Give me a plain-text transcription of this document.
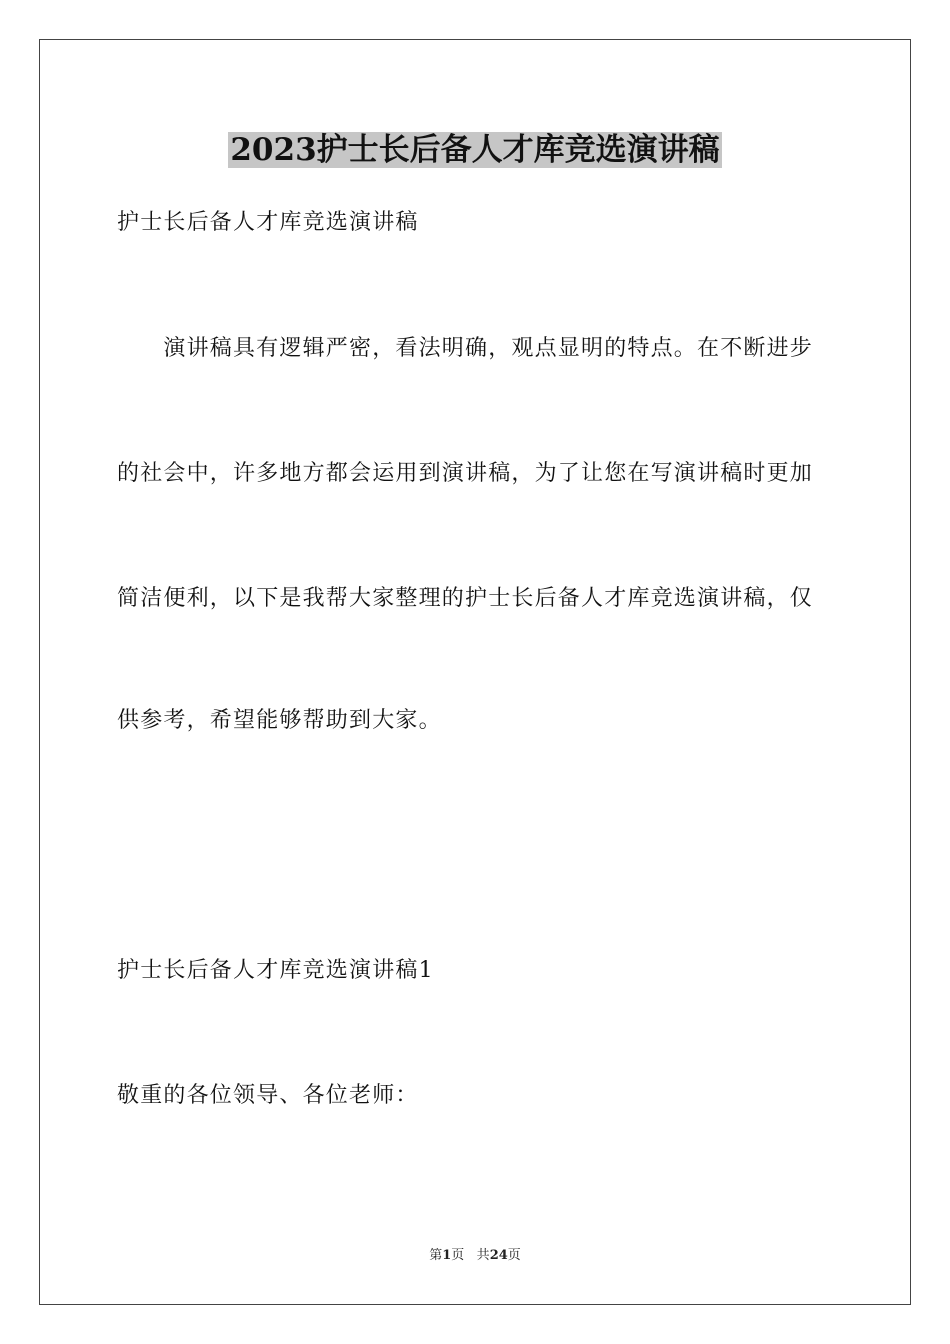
2023护士长后备人才库竞选演讲稿
护士长后备人才库竞选演讲稿
　　演讲稿具有逻辑严密，看法明确，观点显明的特点。在不断进步
的社会中，许多地方都会运用到演讲稿，为了让您在写演讲稿时更加
简洁便利，以下是我帮大家整理的护士长后备人才库竞选演讲稿，仅
供参考，希望能够帮助到大家。
护士长后备人才库竞选演讲稿1
敬重的各位领导、各位老师：
第1页 共24页
